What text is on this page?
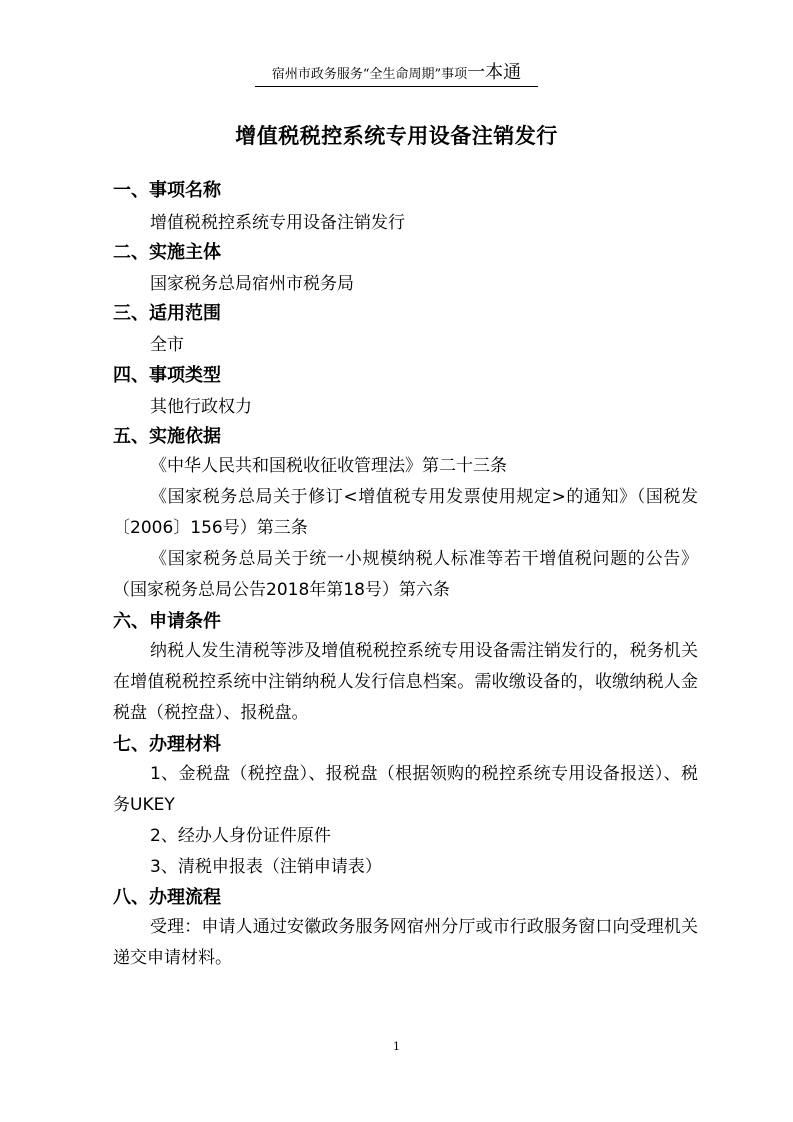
宿州市政务服务“全生命周期”事项一本通
增值税税控系统专用设备注销发行
一、事项名称
增值税税控系统专用设备注销发行
二、实施主体
国家税务总局宿州市税务局
三、适用范围
全市
四、事项类型
其他行政权力
五、实施依据
《中华人民共和国税收征收管理法》第二十三条
《国家税务总局关于修订<增值税专用发票使用规定>的通知》（国税发〔2006〕156号）第三条
《国家税务总局关于统一小规模纳税人标准等若干增值税问题的公告》（国家税务总局公告2018年第18号）第六条
六、申请条件
纳税人发生清税等涉及增值税税控系统专用设备需注销发行的，税务机关在增值税税控系统中注销纳税人发行信息档案。需收缴设备的，收缴纳税人金税盘（税控盘）、报税盘。
七、办理材料
1、金税盘（税控盘）、报税盘（根据领购的税控系统专用设备报送）、税务UKEY
2、经办人身份证件原件
3、清税申报表（注销申请表）
八、办理流程
受理：申请人通过安徽政务服务网宿州分厅或市行政服务窗口向受理机关递交申请材料。
1
